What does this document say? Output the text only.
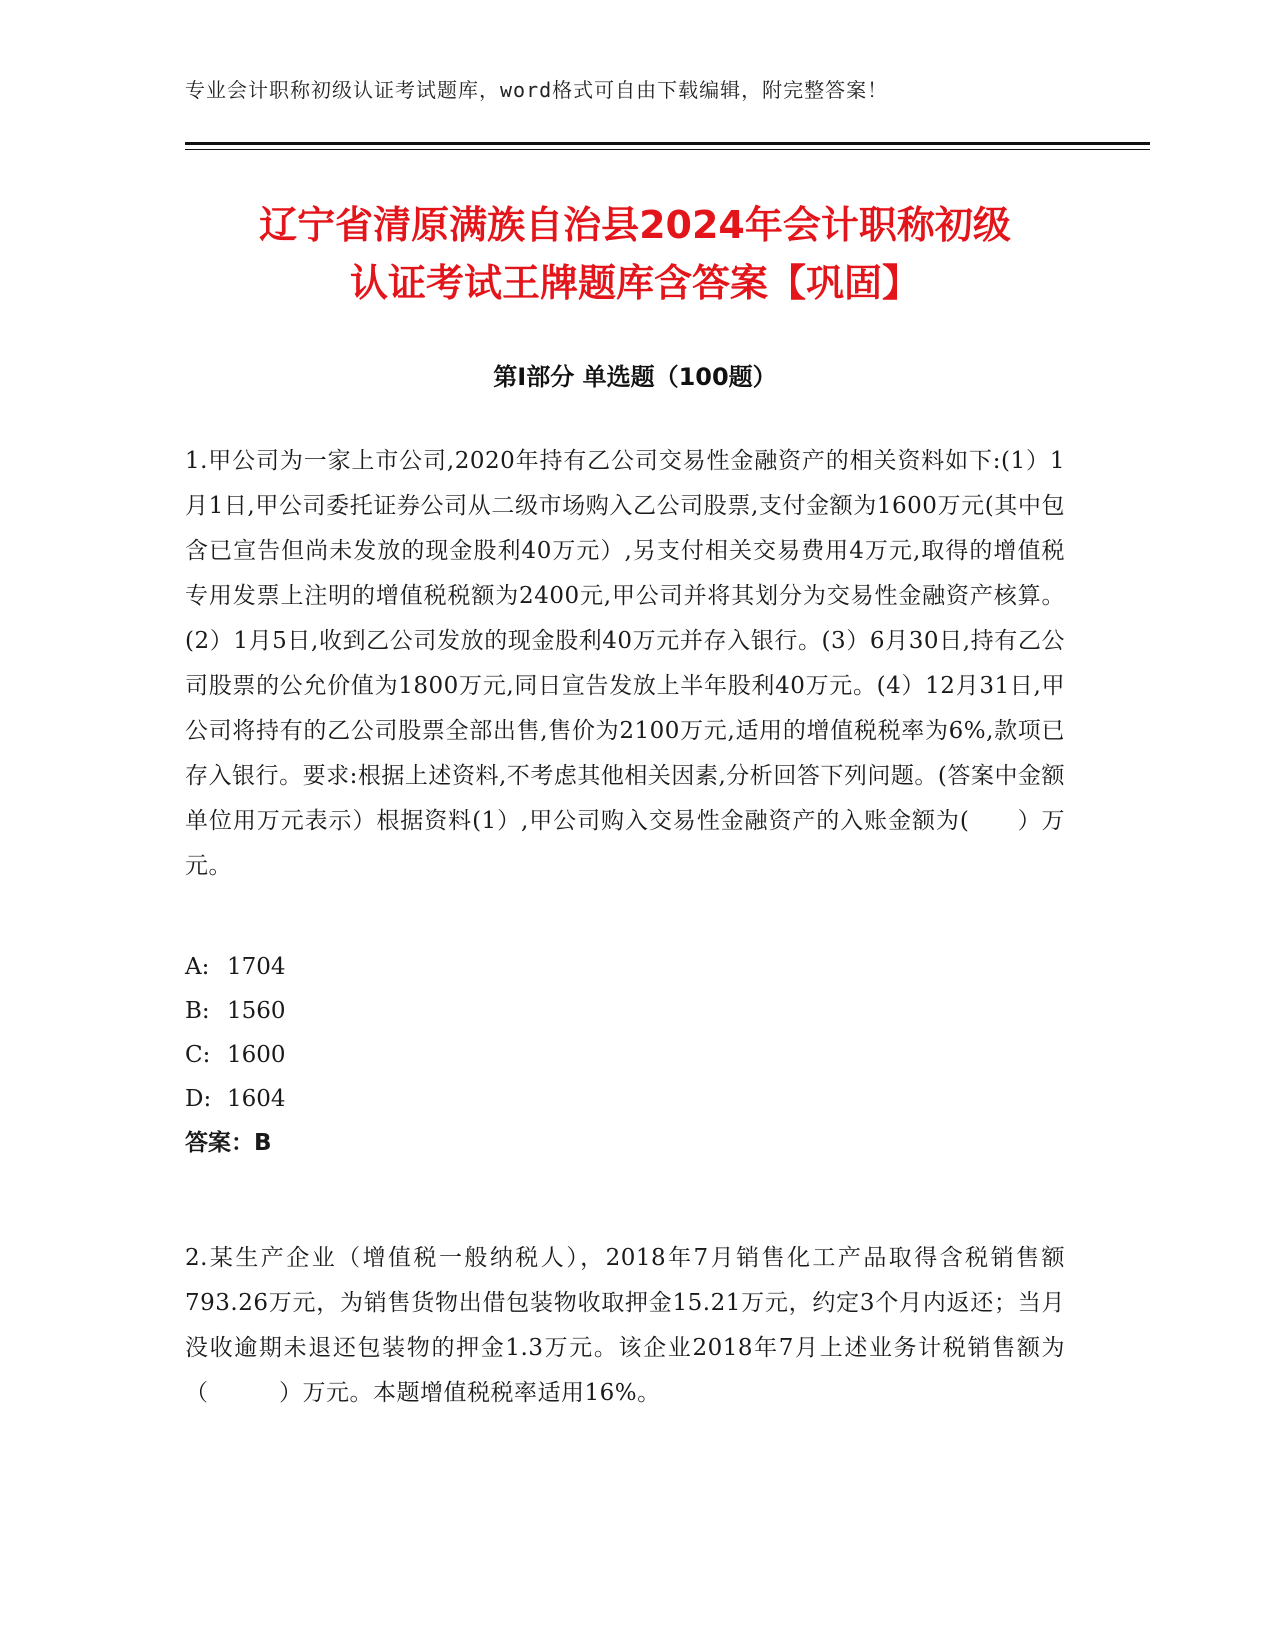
专业会计职称初级认证考试题库，word格式可自由下载编辑，附完整答案！
辽宁省清原满族自治县2024年会计职称初级
认证考试王牌题库含答案【巩固】
第Ⅰ部分 单选题（100题）
1.甲公司为一家上市公司,2020年持有乙公司交易性金融资产的相关资料如下:(1）1月1日,甲公司委托证券公司从二级市场购入乙公司股票,支付金额为1600万元(其中包含已宣告但尚未发放的现金股利40万元）,另支付相关交易费用4万元,取得的增值税专用发票上注明的增值税税额为2400元,甲公司并将其划分为交易性金融资产核算。(2）1月5日,收到乙公司发放的现金股利40万元并存入银行。(3）6月30日,持有乙公司股票的公允价值为1800万元,同日宣告发放上半年股利40万元。(4）12月31日,甲公司将持有的乙公司股票全部出售,售价为2100万元,适用的增值税税率为6%,款项已存入银行。要求:根据上述资料,不考虑其他相关因素,分析回答下列问题。(答案中金额单位用万元表示）根据资料(1）,甲公司购入交易性金融资产的入账金额为(　　）万元。
A: 1704
B: 1560
C: 1600
D: 1604
答案：B
2.某生产企业（增值税一般纳税人），2018年7月销售化工产品取得含税销售额793.26万元，为销售货物出借包装物收取押金15.21万元，约定3个月内返还；当月没收逾期未退还包装物的押金1.3万元。该企业2018年7月上述业务计税销售额为（　　　）万元。本题增值税税率适用16%。
